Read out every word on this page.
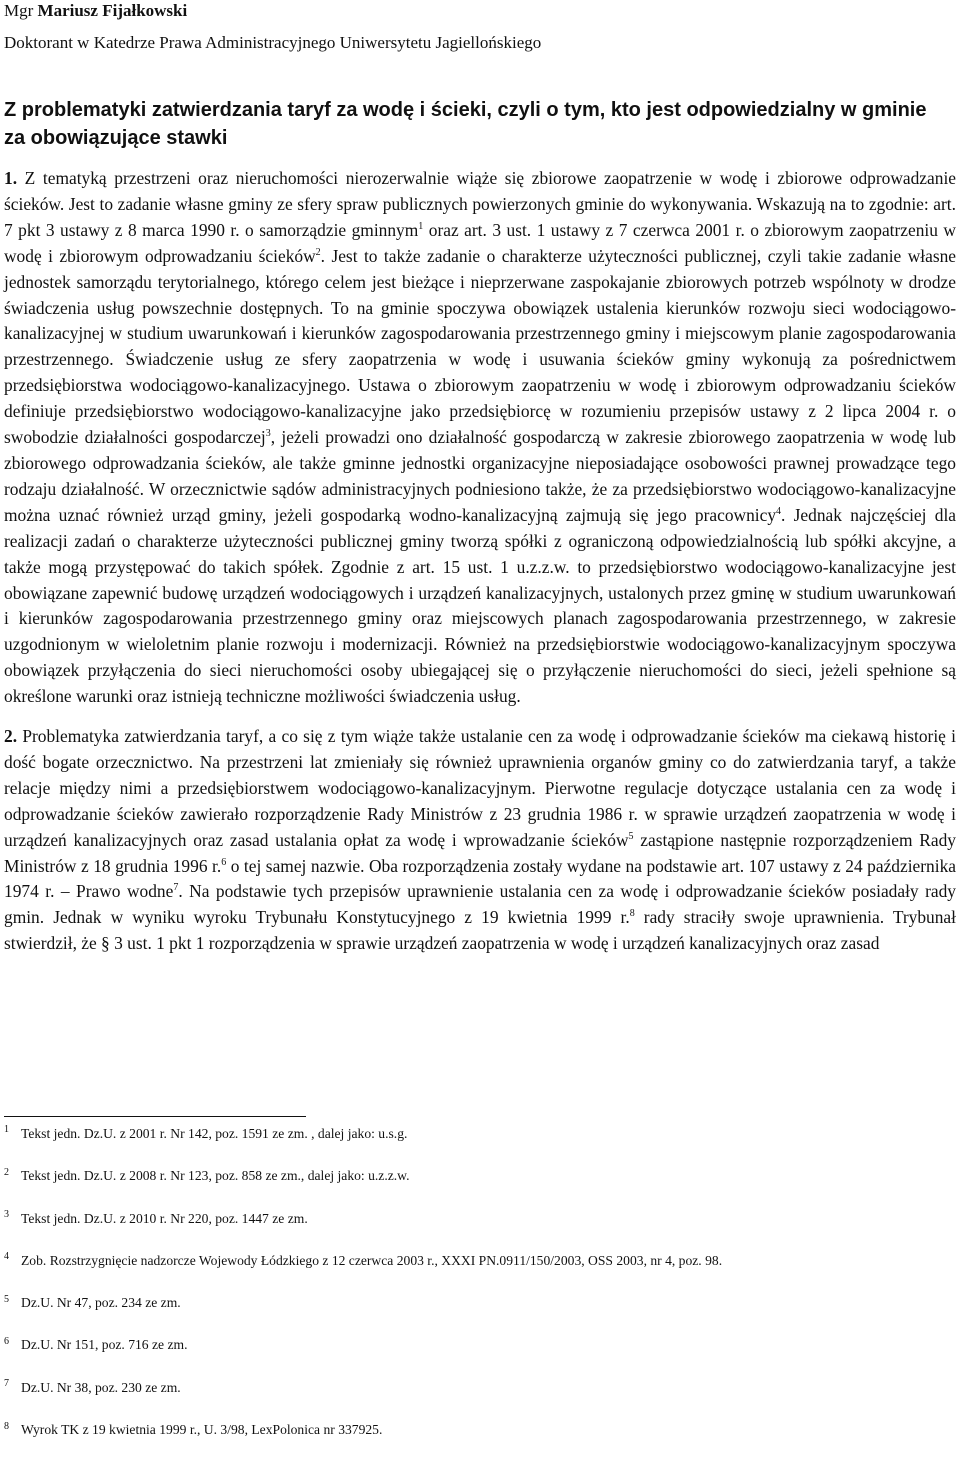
Mgr Mariusz Fijałkowski
Doktorant w Katedrze Prawa Administracyjnego Uniwersytetu Jagiellońskiego
Z problematyki zatwierdzania taryf za wodę i ścieki, czyli o tym, kto jest odpowiedzialny w gminie za obowiązujące stawki

1. Z tematyką przestrzeni oraz nieruchomości nierozerwalnie wiąże się zbiorowe zaopatrzenie w wodę i zbiorowe odprowadzanie ścieków. Jest to zadanie własne gminy ze sfery spraw publicznych powierzonych gminie do wykonywania. Wskazują na to zgodnie: art. 7 pkt 3 ustawy z 8 marca 1990 r. o samorządzie gminnym$^1$ oraz art. 3 ust. 1 ustawy z 7 czerwca 2001 r. o zbiorowym zaopatrzeniu w wodę i zbiorowym odprowadzaniu ścieków$^2$. Jest to także zadanie o charakterze użyteczności publicznej, czyli takie zadanie własne jednostek samorządu terytorialnego, którego celem jest bieżące i nieprzerwane zaspokajanie zbiorowych potrzeb wspólnoty w drodze świadczenia usług powszechnie dostępnych. To na gminie spoczywa obowiązek ustalenia kierunków rozwoju sieci wodociągowo-kanalizacyjnej w studium uwarunkowań i kierunków zagospodarowania przestrzennego gminy i miejscowym planie zagospodarowania przestrzennego. Świadczenie usług ze sfery zaopatrzenia w wodę i usuwania ścieków gminy wykonują za pośrednictwem przedsiębiorstwa wodociągowo-kanalizacyjnego. Ustawa o zbiorowym zaopatrzeniu w wodę i zbiorowym odprowadzaniu ścieków definiuje przedsiębiorstwo wodociągowo-kanalizacyjne jako przedsiębiorcę w rozumieniu przepisów ustawy z 2 lipca 2004 r. o swobodzie działalności gospodarczej$^3$, jeżeli prowadzi ono działalność gospodarczą w zakresie zbiorowego zaopatrzenia w wodę lub zbiorowego odprowadzania ścieków, ale także gminne jednostki organizacyjne nieposiadające osobowości prawnej prowadzące tego rodzaju działalność. W orzecznictwie sądów administracyjnych podniesiono także, że za przedsiębiorstwo wodociągowo-kanalizacyjne można uznać również urząd gminy, jeżeli gospodarką wodno-kanalizacyjną zajmują się jego pracownicy$^4$. Jednak najczęściej dla realizacji zadań o charakterze użyteczności publicznej gminy tworzą spółki z ograniczoną odpowiedzialnością lub spółki akcyjne, a także mogą przystępować do takich spółek. Zgodnie z art. 15 ust. 1 u.z.z.w. to przedsiębiorstwo wodociągowo-kanalizacyjne jest obowiązane zapewnić budowę urządzeń wodociągowych i urządzeń kanalizacyjnych, ustalonych przez gminę w studium uwarunkowań i kierunków zagospodarowania przestrzennego gminy oraz miejscowych planach zagospodarowania przestrzennego, w zakresie uzgodnionym w wieloletnim planie rozwoju i modernizacji. Również na przedsiębiorstwie wodociągowo-kanalizacyjnym spoczywa obowiązek przyłączenia do sieci nieruchomości osoby ubiegającej się o przyłączenie nieruchomości do sieci, jeżeli spełnione są określone warunki oraz istnieją techniczne możliwości świadczenia usług.

2. Problematyka zatwierdzania taryf, a co się z tym wiąże także ustalanie cen za wodę i odprowadzanie ścieków ma ciekawą historię i dość bogate orzecznictwo. Na przestrzeni lat zmieniały się również uprawnienia organów gminy co do zatwierdzania taryf, a także relacje między nimi a przedsiębiorstwem wodociągowo-kanalizacyjnym. Pierwotne regulacje dotyczące ustalania cen za wodę i odprowadzanie ścieków zawierało rozporządzenie Rady Ministrów z 23 grudnia 1986 r. w sprawie urządzeń zaopatrzenia w wodę i urządzeń kanalizacyjnych oraz zasad ustalania opłat za wodę i wprowadzanie ścieków$^5$ zastąpione następnie rozporządzeniem Rady Ministrów z 18 grudnia 1996 r.$^6$ o tej samej nazwie. Oba rozporządzenia zostały wydane na podstawie art. 107 ustawy z 24 października 1974 r. – Prawo wodne$^7$. Na podstawie tych przepisów uprawnienie ustalania cen za wodę i odprowadzanie ścieków posiadały rady gmin. Jednak w wyniku wyroku Trybunału Konstytucyjnego z 19 kwietnia 1999 r.$^8$ rady straciły swoje uprawnienia. Trybunał stwierdził, że § 3 ust. 1 pkt 1 rozporządzenia w sprawie urządzeń zaopatrzenia w wodę i urządzeń kanalizacyjnych oraz zasad

$^1$ Tekst jedn. Dz.U. z 2001 r. Nr 142, poz. 1591 ze zm. , dalej jako: u.s.g.

$^2$ Tekst jedn. Dz.U. z 2008 r. Nr 123, poz. 858 ze zm., dalej jako: u.z.z.w.

$^3$ Tekst jedn. Dz.U. z 2010 r. Nr 220, poz. 1447 ze zm.

$^4$ Zob. Rozstrzygnięcie nadzorcze Wojewody Łódzkiego z 12 czerwca 2003 r., XXXI PN.0911/150/2003, OSS 2003, nr 4, poz. 98.

$^5$ Dz.U. Nr 47, poz. 234 ze zm.

$^6$ Dz.U. Nr 151, poz. 716 ze zm.

$^7$ Dz.U. Nr 38, poz. 230 ze zm.

$^8$ Wyrok TK z 19 kwietnia 1999 r., U. 3/98, LexPolonica nr 337925.
